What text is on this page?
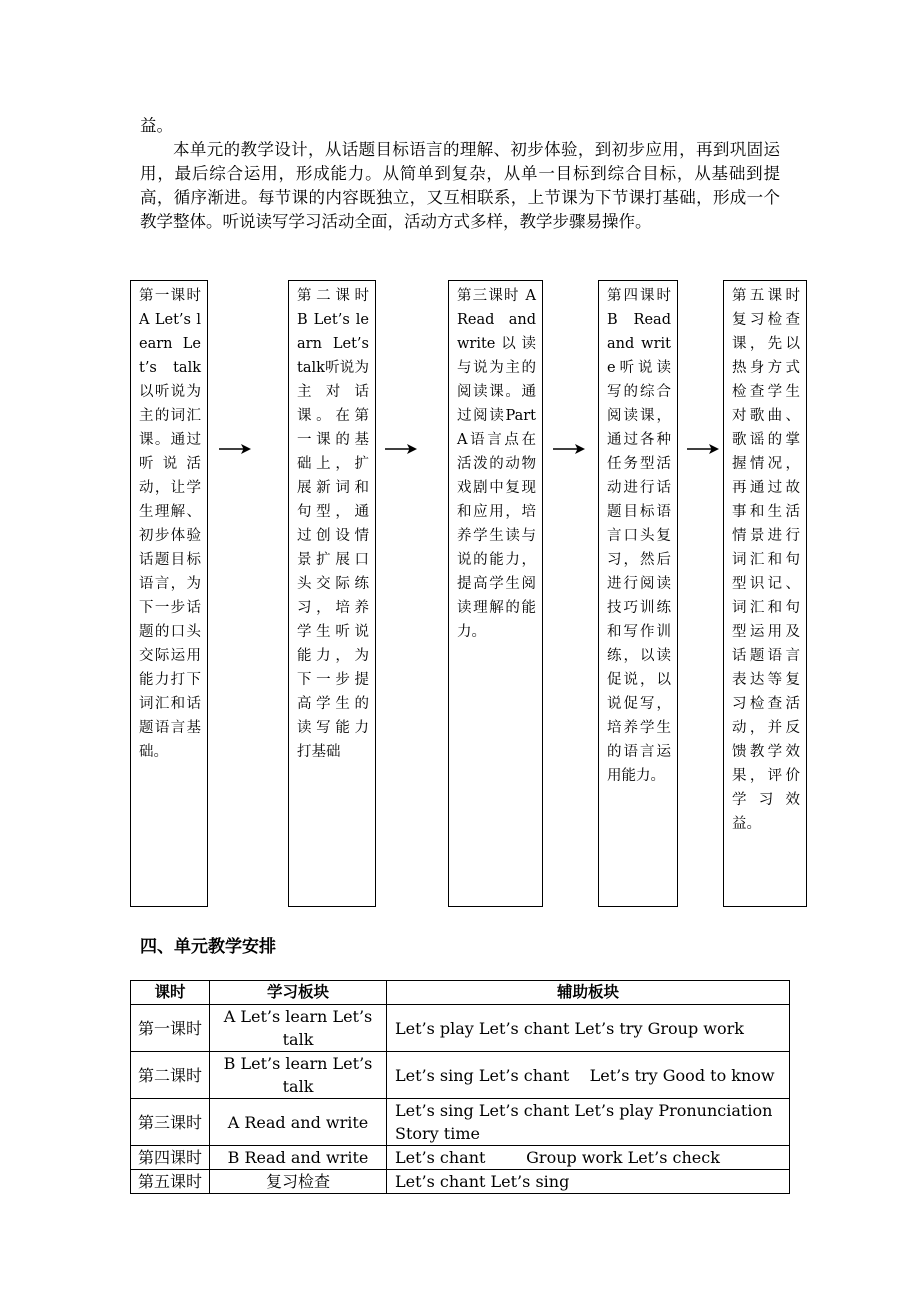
益。

本单元的教学设计，从话题目标语言的理解、初步体验，到初步应用，再到巩固运用，最后综合运用，形成能力。从简单到复杂，从单一目标到综合目标，从基础到提高，循序渐进。每节课的内容既独立，又互相联系，上节课为下节课打基础，形成一个教学整体。听说读写学习活动全面，活动方式多样，教学步骤易操作。

第一课时 A Let’s learn Let’s talk以听说为主的词汇课。通过听说活动，让学生理解、初步体验话题目标语言，为下一步话题的口头交际运用能力打下词汇和话题语言基础。
第二课时 B Let’s learn Let’s talk听说为主对话课。在第一课的基础上，扩展新词和句型，通过创设情景扩展口头交际练习，培养学生听说能力，为下一步提高学生的读写能力打基础
第三课时 A Read and write以读与说为主的阅读课。通过阅读Part A语言点在活泼的动物戏剧中复现和应用，培养学生读与说的能力，提高学生阅读理解的能力。
第四课时 B Read and write听说读写的综合阅读课，通过各种任务型活动进行话题目标语言口头复习，然后进行阅读技巧训练和写作训练，以读促说，以说促写，培养学生的语言运用能力。
第五课时复习检查课，先以热身方式检查学生对歌曲、歌谣的掌握情况，再通过故事和生活情景进行词汇和句型识记、词汇和句型运用及话题语言表达等复习检查活动，并反馈教学效果，评价学习效益。
四、单元教学安排
课时	学习板块	辅助板块
第一课时	A Let’s learn Let’s talk	Let’s play Let’s chant Let’s try Group work
第二课时	B Let’s learn Let’s talk	Let’s sing Let’s chant    Let’s try Good to know
第三课时	A Read and write	Let’s sing Let’s chant Let’s play Pronunciation Story time
第四课时	B Read and write	Let’s chant        Group work Let’s check
第五课时	复习检查	Let’s chant Let’s sing
